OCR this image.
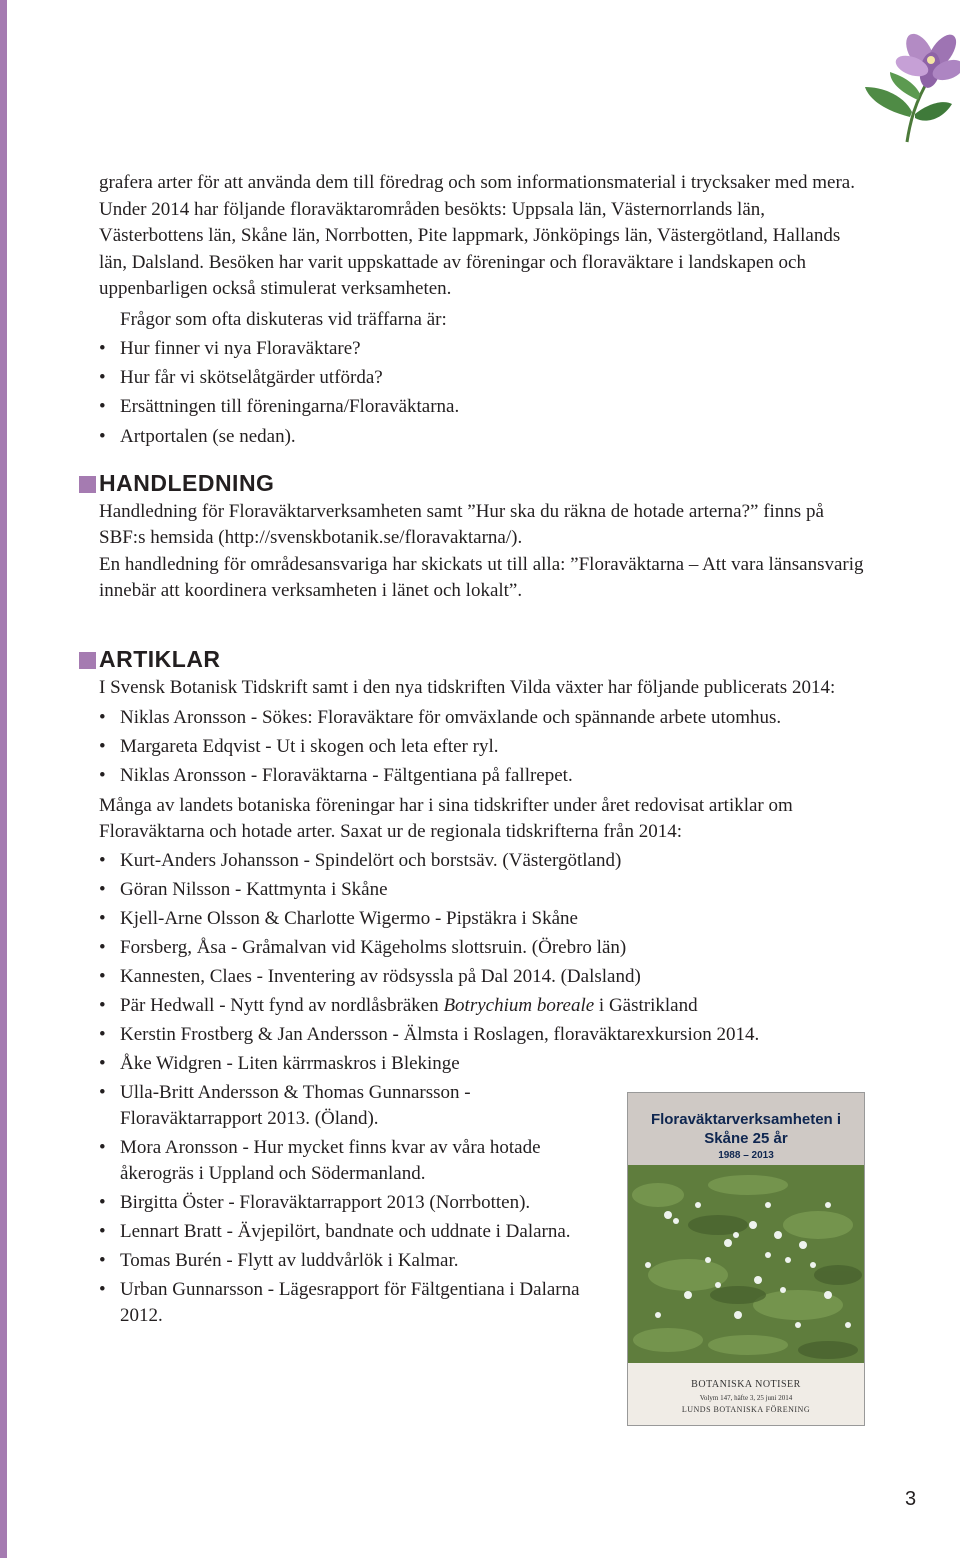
grafera arter för att använda dem till föredrag och som informationsmaterial i trycksaker med mera. Under 2014 har följande floraväktarområden besökts: Uppsala län, Västernorrlands län, Västerbottens län, Skåne län, Norrbotten, Pite lappmark, Jönköpings län, Västergötland, Hallands län, Dalsland. Besöken har varit uppskattade av föreningar och floraväktare i landskapen och uppenbarligen också stimulerat verksamheten.

Frågor som ofta diskuteras vid träffarna är:

• Hur finner vi nya Floraväktare?
• Hur får vi skötselåtgärder utförda?
• Ersättningen till föreningarna/Floraväktarna.
• Artportalen (se nedan).
HANDLEDNING

Handledning för Floraväktarverksamheten samt ”Hur ska du räkna de hotade arterna?” finns på SBF:s hemsida (http://svenskbotanik.se/floravaktarna/).

En handledning för områdesansvariga har skickats ut till alla: ”Floraväktarna – Att vara länsansvarig innebär att koordinera verksamheten i länet och lokalt”.

ARTIKLAR

I Svensk Botanisk Tidskrift samt i den nya tidskriften Vilda växter har följande publicerats 2014:

• Niklas Aronsson - Sökes: Floraväktare för omväxlande och spännande arbete utomhus.
• Margareta Edqvist - Ut i skogen och leta efter ryl.
• Niklas Aronsson - Floraväktarna - Fältgentiana på fallrepet.

Många av landets botaniska föreningar har i sina tidskrifter under året redovisat artiklar om Floraväktarna och hotade arter. Saxat ur de regionala tidskrifterna från 2014:

• Kurt-Anders Johansson - Spindelört och borstsäv. (Västergötland)
• Göran Nilsson - Kattmynta i Skåne
• Kjell-Arne Olsson & Charlotte Wigermo - Pipstäkra i Skåne
• Forsberg, Åsa - Gråmalvan vid Kägeholms slottsruin. (Örebro län)
• Kannesten, Claes - Inventering av rödsyssla på Dal 2014. (Dalsland)
• Pär Hedwall - Nytt fynd av nordlåsbräken Botrychium boreale i Gästrikland
• Kerstin Frostberg & Jan Andersson - Älmsta i Roslagen, floraväktarexkursion 2014.
• Åke Widgren - Liten kärrmaskros i Blekinge
• Ulla-Britt Andersson & Thomas Gunnarsson - Floraväktarrapport 2013. (Öland).
• Mora Aronsson - Hur mycket finns kvar av våra hotade åkerogräs i Uppland och Södermanland.
• Birgitta Öster - Floraväktarrapport 2013 (Norrbotten).
• Lennart Bratt - Ävjepilört, bandnate och uddnate i Dalarna.
• Tomas Burén - Flytt av luddvårlök i Kalmar.
• Urban Gunnarsson - Lägesrapport för Fältgentiana i Dalarna 2012.
Floraväktarverksamheten i
Skåne 25 år
1988 – 2013
BOTANISKA NOTISER
Volym 147, häfte 3, 25 juni 2014
LUNDS BOTANISKA FÖRENING
3
